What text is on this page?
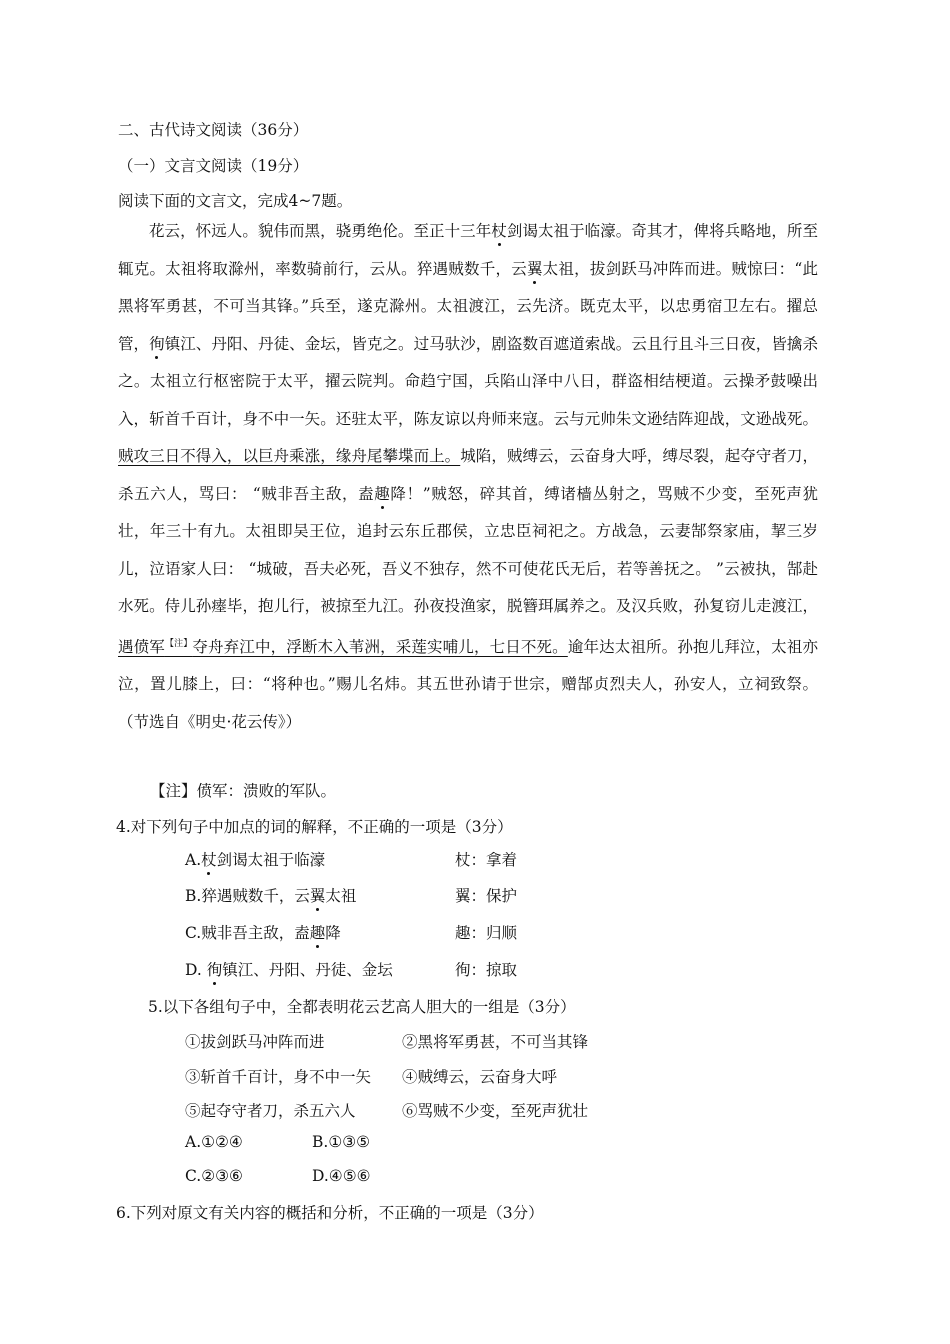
二、古代诗文阅读（36分）
（一）文言文阅读（19分）
阅读下面的文言文，完成4~7题。

花云，怀远人。貌伟而黑，骁勇绝伦。至正十三年杖剑谒太祖于临濠。奇其才，俾将兵略地，所至辄克。太祖将取滁州，率数骑前行，云从。猝遇贼数千，云翼太祖，拔剑跃马冲阵而进。贼惊曰：“此黑将军勇甚，不可当其锋。”兵至，遂克滁州。太祖渡江，云先济。既克太平，以忠勇宿卫左右。擢总管，徇镇江、丹阳、丹徒、金坛，皆克之。过马驮沙，剧盗数百遮道索战。云且行且斗三日夜，皆擒杀之。太祖立行枢密院于太平，擢云院判。命趋宁国，兵陷山泽中八日，群盗相结梗道。云操矛鼓噪出入，斩首千百计，身不中一矢。还驻太平，陈友谅以舟师来寇。云与元帅朱文逊结阵迎战，文逊战死。贼攻三日不得入，以巨舟乘涨，缘舟尾攀堞而上。城陷，贼缚云，云奋身大呼，缚尽裂，起夺守者刀，杀五六人，骂曰： “贼非吾主敌，盍趣降！”贼怒，碎其首，缚诸樯丛射之，骂贼不少变，至死声犹壮，年三十有九。太祖即吴王位，追封云东丘郡侯，立忠臣祠祀之。方战急，云妻郜祭家庙，挈三岁儿，泣语家人曰： “城破，吾夫必死，吾义不独存，然不可使花氏无后，若等善抚之。 ”云被执，郜赴水死。侍儿孙瘗毕，抱儿行，被掠至九江。孙夜投渔家，脱簪珥属养之。及汉兵败，孙复窃儿走渡江，遇偾军$^{【注】}$夺舟弃江中，浮断木入苇洲，采莲实哺儿，七日不死。逾年达太祖所。孙抱儿拜泣，太祖亦泣，置儿膝上，曰：“将种也。”赐儿名炜。其五世孙请于世宗，赠郜贞烈夫人，孙安人，立祠致祭。 （节选自《明史·花云传》）

【注】偾军：溃败的军队。
4.对下列句子中加点的词的解释，不正确的一项是（3分）
A.杖剑谒太祖于临濠	杖：拿着
B.猝遇贼数千，云翼太祖	翼：保护
C.贼非吾主敌，盍趣降	趣：归顺
D. 徇镇江、丹阳、丹徒、金坛	徇：掠取
5.以下各组句子中，全都表明花云艺高人胆大的一组是（3分）
①拔剑跃马冲阵而进	②黑将军勇甚，不可当其锋
③斩首千百计，身不中一矢 ④贼缚云，云奋身大呼
⑤起夺守者刀，杀五六人	⑥骂贼不少变，至死声犹壮
A.①②④	B.①③⑤
C.②③⑥	D.④⑤⑥
6.下列对原文有关内容的概括和分析，不正确的一项是（3分）
